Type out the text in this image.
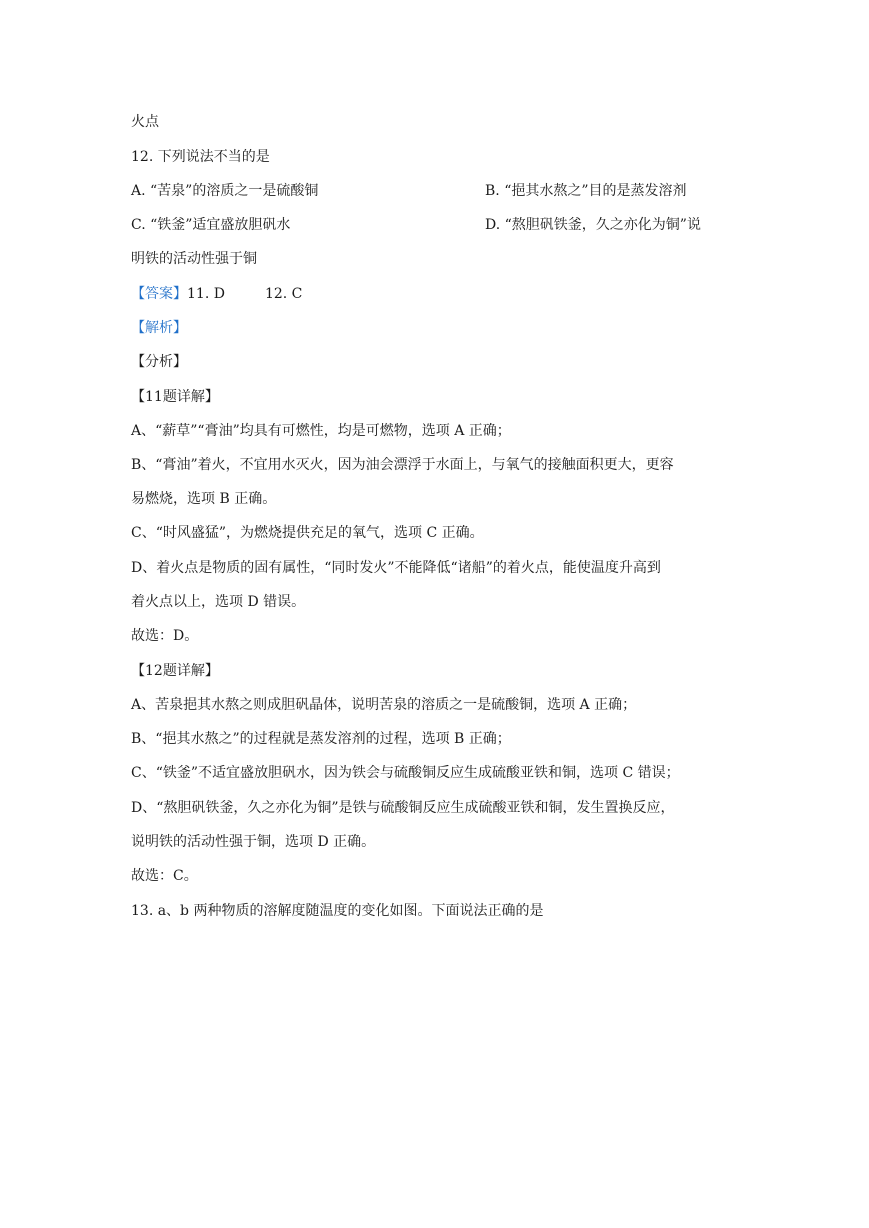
火点
12. 下列说法不当的是
A. “苦泉”的溶质之一是硫酸铜	B. “挹其水熬之”目的是蒸发溶剂
C. “铁釜”适宜盛放胆矾水	D. “熬胆矾铁釜，久之亦化为铜”说
明铁的活动性强于铜
【答案】11. D	12. C
【解析】
【分析】
【11题详解】
A、“薪草”“膏油”均具有可燃性，均是可燃物，选项 A 正确；
B、“膏油”着火，不宜用水灭火，因为油会漂浮于水面上，与氧气的接触面积更大，更容
易燃烧，选项 B 正确。
C、“时风盛猛”，为燃烧提供充足的氧气，选项 C 正确。
D、着火点是物质的固有属性，“同时发火”不能降低“诸船”的着火点，能使温度升高到
着火点以上，选项 D 错误。
故选：D。
【12题详解】
A、苦泉挹其水熬之则成胆矾晶体，说明苦泉的溶质之一是硫酸铜，选项 A 正确；
B、“挹其水熬之”的过程就是蒸发溶剂的过程，选项 B 正确；
C、“铁釜”不适宜盛放胆矾水，因为铁会与硫酸铜反应生成硫酸亚铁和铜，选项 C 错误；
D、“熬胆矾铁釜，久之亦化为铜”是铁与硫酸铜反应生成硫酸亚铁和铜，发生置换反应，
说明铁的活动性强于铜，选项 D 正确。
故选：C。
13. a、b 两种物质的溶解度随温度的变化如图。下面说法正确的是
